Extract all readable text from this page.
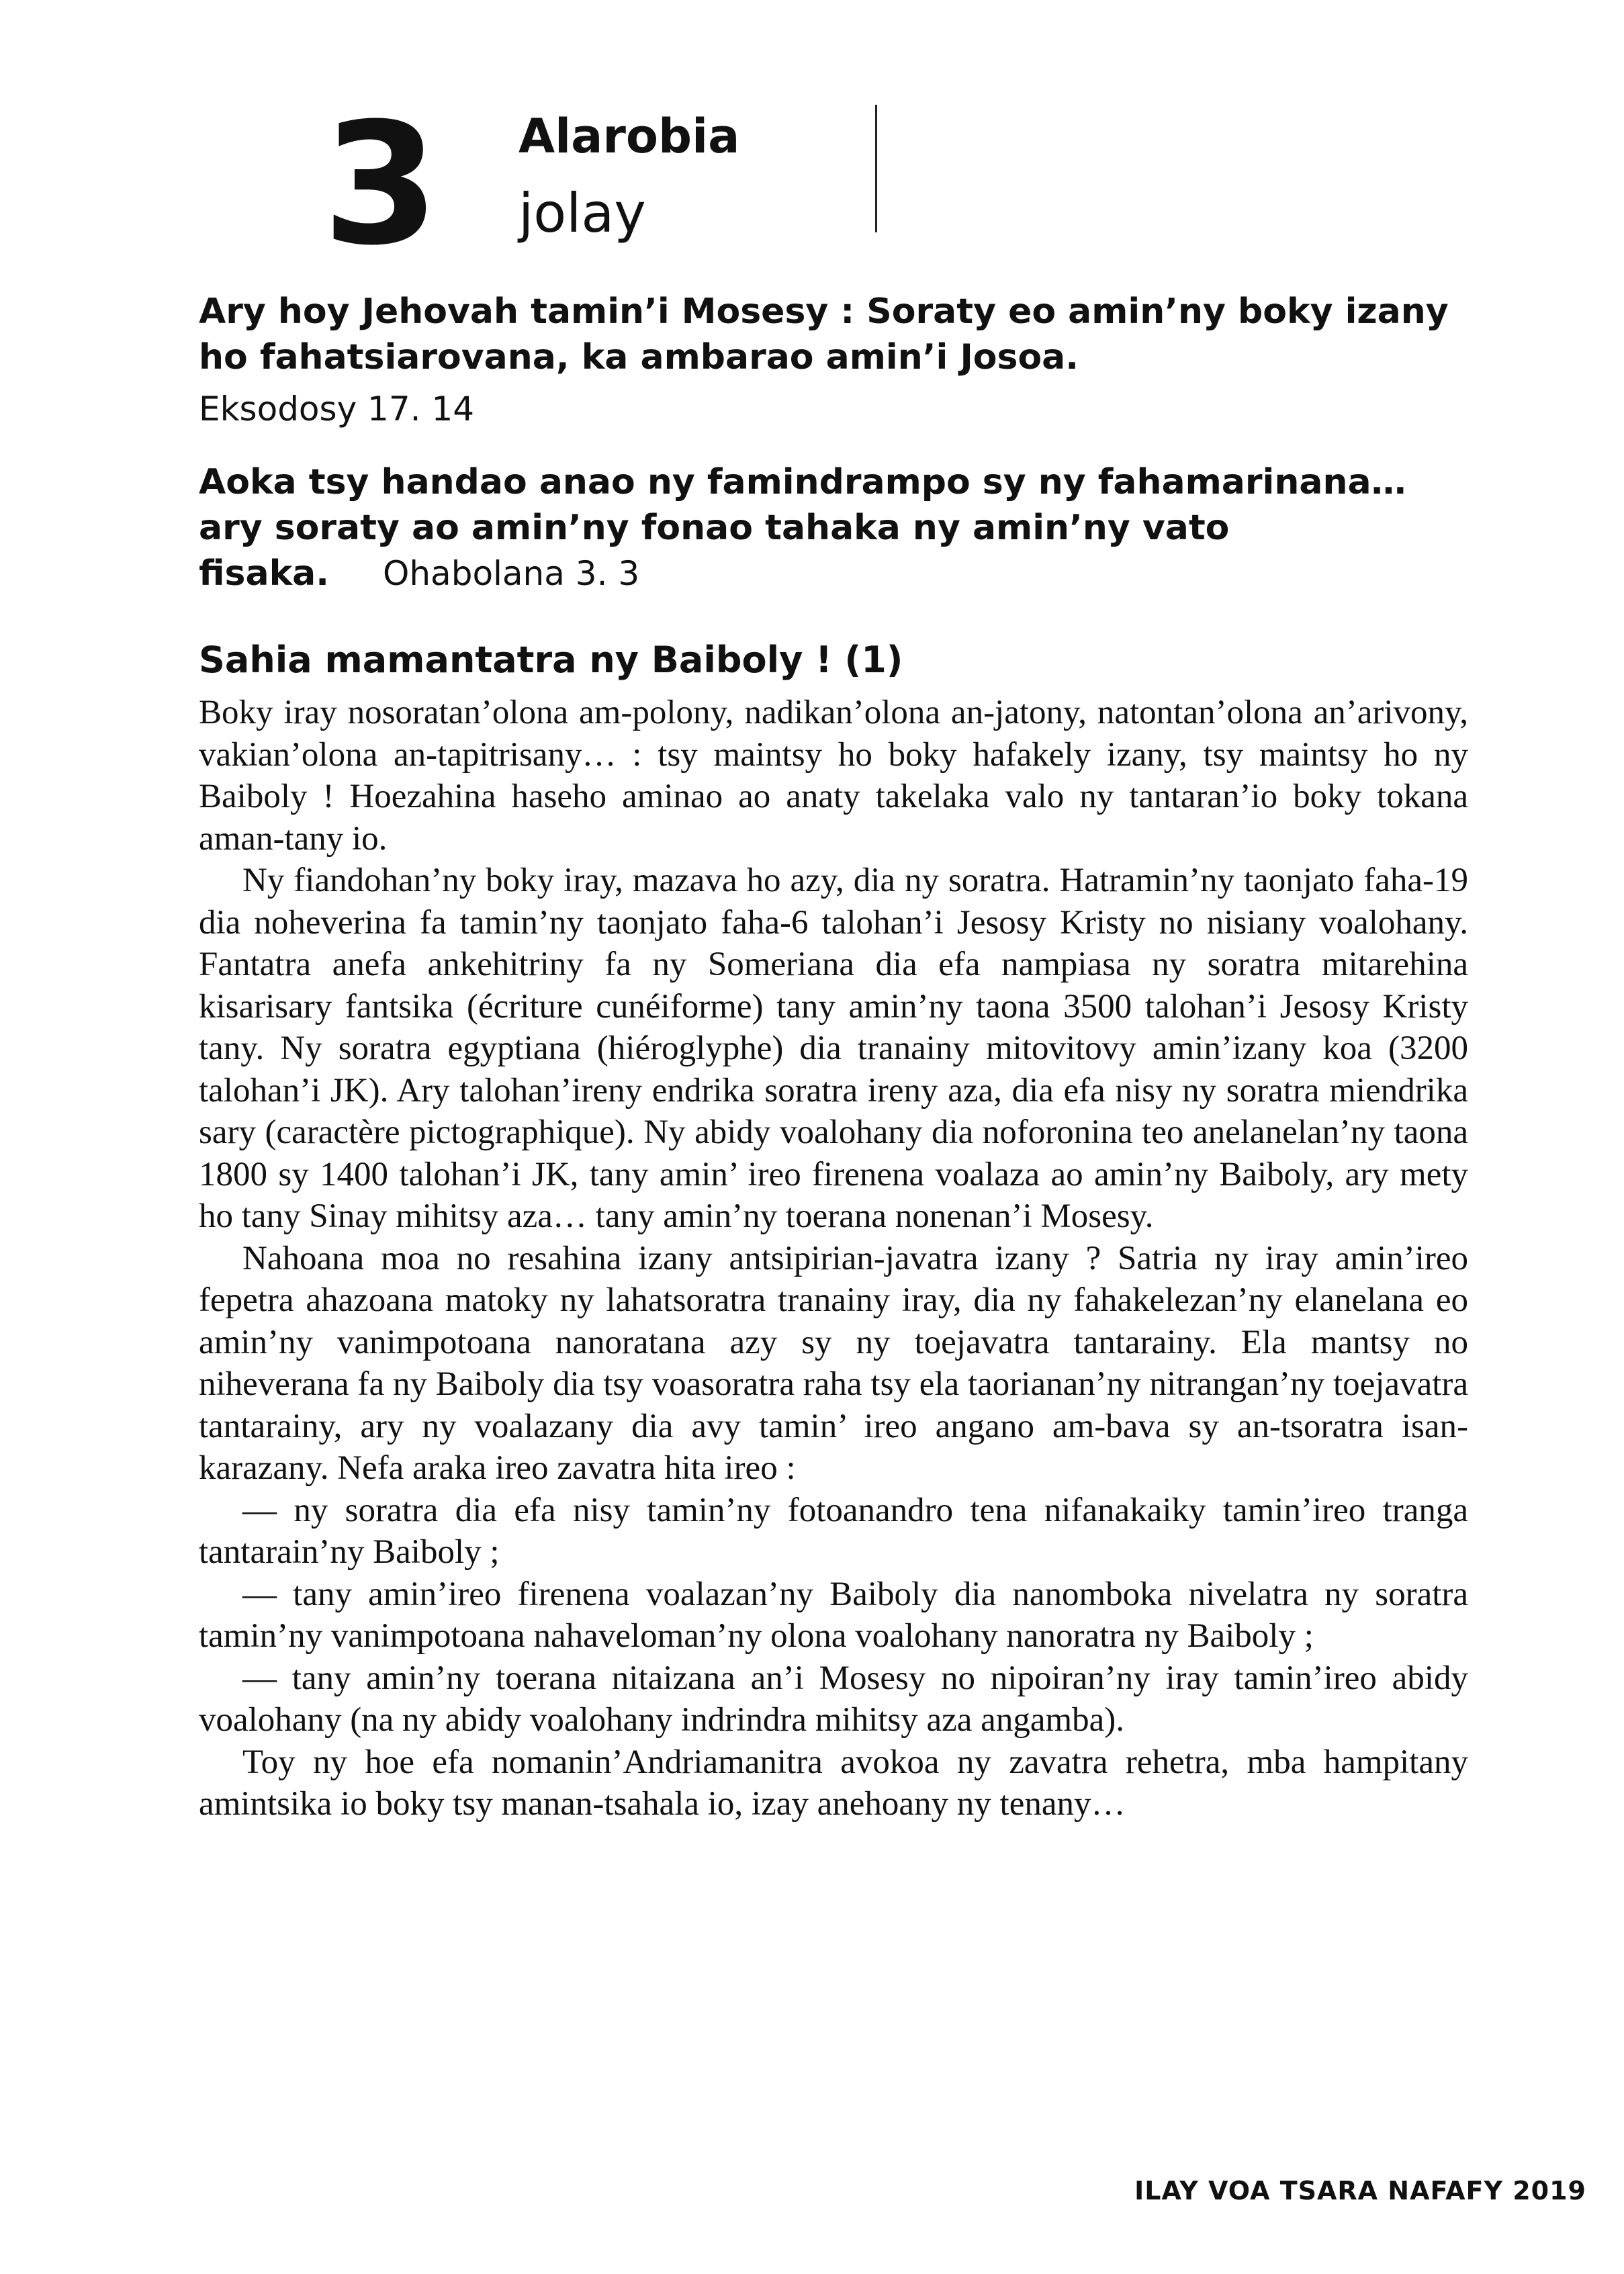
3 Alarobia
jolay
Ary hoy Jehovah tamin’i Mosesy : Soraty eo amin’ny boky izany ho fahatsiarovana, ka ambarao amin’i Josoa.
Eksodosy 17. 14
Aoka tsy handao anao ny famindrampo sy ny fahamarinana… ary soraty ao amin’ny fonao tahaka ny amin’ny vato fisaka. Ohabolana 3. 3
Sahia mamantatra ny Baiboly ! (1)

Boky iray nosoratan’olona am-polony, nadikan’olona an-jatony, natontan’olona an’arivony, vakian’olona an-tapitrisany… : tsy maintsy ho boky hafakely izany, tsy maintsy ho ny Baiboly ! Hoezahina haseho aminao ao anaty takelaka valo ny tantaran’io boky tokana aman-tany io.

Ny fiandohan’ny boky iray, mazava ho azy, dia ny soratra. Hatramin’ny taonjato faha-19 dia noheverina fa tamin’ny taonjato faha-6 talohan’i Jesosy Kristy no nisiany voalohany. Fantatra anefa ankehitriny fa ny Someriana dia efa nampiasa ny soratra mitarehina kisarisary fantsika (écriture cunéiforme) tany amin’ny taona 3500 talohan’i Jesosy Kristy tany. Ny soratra egyptiana (hiéroglyphe) dia tranainy mitovitovy amin’izany koa (3200 talohan’i JK). Ary talohan’ireny endrika soratra ireny aza, dia efa nisy ny soratra miendrika sary (caractère pictographique). Ny abidy voalohany dia noforonina teo anelanelan’ny taona 1800 sy 1400 talohan’i JK, tany amin’ ireo firenena voalaza ao amin’ny Baiboly, ary mety ho tany Sinay mihitsy aza… tany amin’ny toerana nonenan’i Mosesy.

Nahoana moa no resahina izany antsipirian-javatra izany ? Satria ny iray amin’ireo fepetra ahazoana matoky ny lahatsoratra tranainy iray, dia ny fahakelezan’ny elanelana eo amin’ny vanimpotoana nanoratana azy sy ny toejavatra tantarainy. Ela mantsy no niheverana fa ny Baiboly dia tsy voasoratra raha tsy ela taorianan’ny nitrangan’ny toejavatra tantarainy, ary ny voalazany dia avy tamin’ ireo angano am-bava sy an-tsoratra isan-karazany. Nefa araka ireo zavatra hita ireo :

— ny soratra dia efa nisy tamin’ny fotoanandro tena nifanakaiky tamin’ireo tranga tantarain’ny Baiboly ;

— tany amin’ireo firenena voalazan’ny Baiboly dia nanomboka nivelatra ny soratra tamin’ny vanimpotoana nahaveloman’ny olona voalohany nanoratra ny Baiboly ;

— tany amin’ny toerana nitaizana an’i Mosesy no nipoiran’ny iray tamin’ireo abidy voalohany (na ny abidy voalohany indrindra mihitsy aza angamba).

Toy ny hoe efa nomanin’Andriamanitra avokoa ny zavatra rehetra, mba hampitany amintsika io boky tsy manan-tsahala io, izay anehoany ny tenany…

ILAY VOA TSARA NAFAFY 2019
